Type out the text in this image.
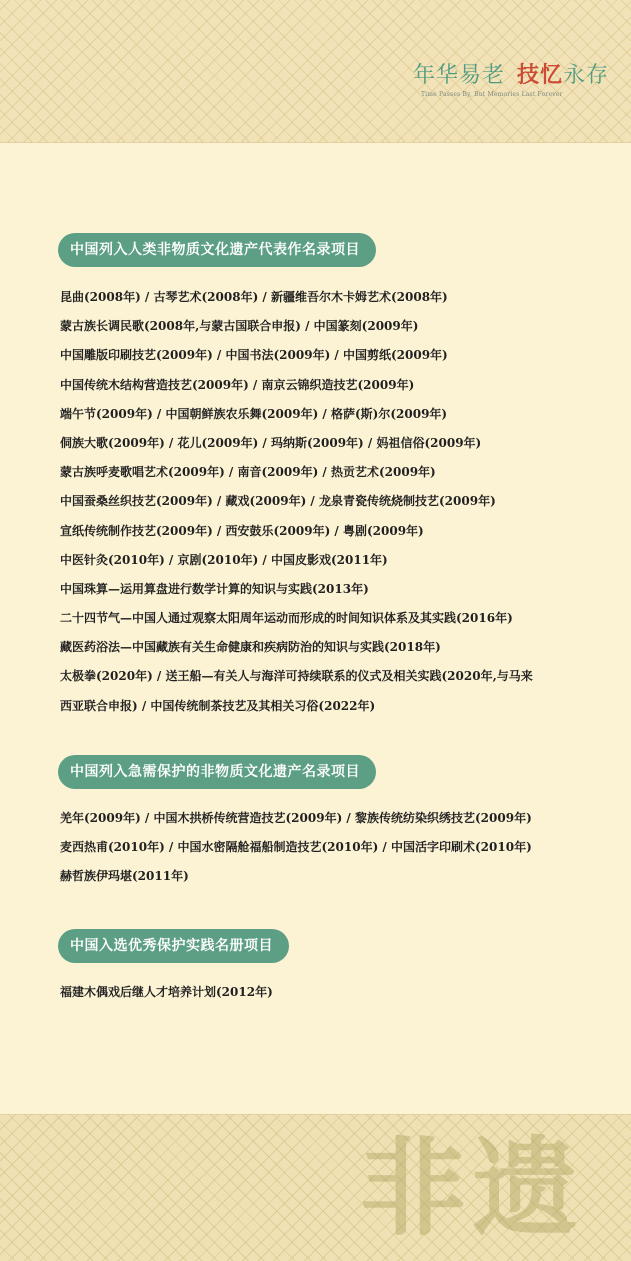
年华易老 技忆 永存
Time Passes By, But Memories Last Forever
中国列入人类非物质文化遗产代表作名录项目
昆曲(2008年) / 古琴艺术(2008年) / 新疆维吾尔木卡姆艺术(2008年)
蒙古族长调民歌(2008年,与蒙古国联合申报) / 中国篆刻(2009年)
中国雕版印刷技艺(2009年) / 中国书法(2009年) / 中国剪纸(2009年)
中国传统木结构营造技艺(2009年) / 南京云锦织造技艺(2009年)
端午节(2009年) / 中国朝鲜族农乐舞(2009年) / 格萨(斯)尔(2009年)
侗族大歌(2009年) / 花儿(2009年) / 玛纳斯(2009年) / 妈祖信俗(2009年)
蒙古族呼麦歌唱艺术(2009年) / 南音(2009年) / 热贡艺术(2009年)
中国蚕桑丝织技艺(2009年) / 藏戏(2009年) / 龙泉青瓷传统烧制技艺(2009年)
宣纸传统制作技艺(2009年) / 西安鼓乐(2009年) / 粤剧(2009年)
中医针灸(2010年) / 京剧(2010年) / 中国皮影戏(2011年)
中国珠算—运用算盘进行数学计算的知识与实践(2013年)
二十四节气—中国人通过观察太阳周年运动而形成的时间知识体系及其实践(2016年)
藏医药浴法—中国藏族有关生命健康和疾病防治的知识与实践(2018年)
太极拳(2020年) / 送王船—有关人与海洋可持续联系的仪式及相关实践(2020年,与马来
西亚联合申报) / 中国传统制茶技艺及其相关习俗(2022年)
中国列入急需保护的非物质文化遗产名录项目
羌年(2009年) / 中国木拱桥传统营造技艺(2009年) / 黎族传统纺染织绣技艺(2009年)
麦西热甫(2010年) / 中国水密隔舱福船制造技艺(2010年) / 中国活字印刷术(2010年)
赫哲族伊玛堪(2011年)
中国入选优秀保护实践名册项目
福建木偶戏后继人才培养计划(2012年)
非遗
